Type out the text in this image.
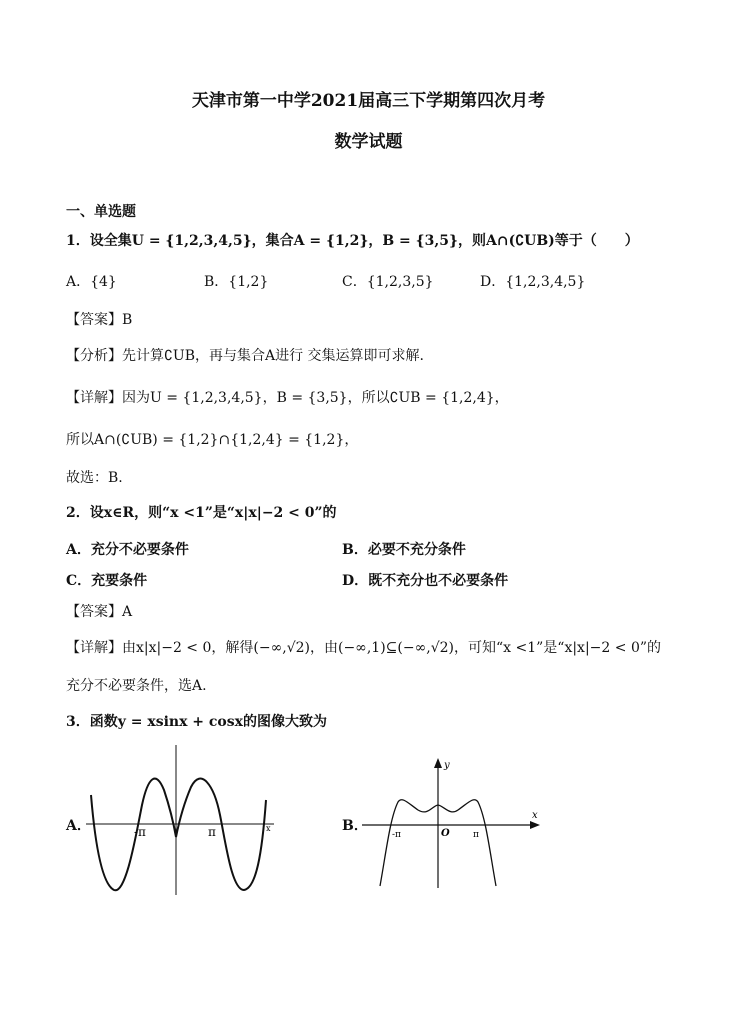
天津市第一中学2021届高三下学期第四次月考
数学试题
一、单选题
1．设全集U = {1,2,3,4,5}，集合A = {1,2}，B = {3,5}，则A∩(∁UB)等于（　　）
A．{4}	B．{1,2}	C．{1,2,3,5}	D．{1,2,3,4,5}
【答案】B
【分析】先计算∁UB，再与集合A进行 交集运算即可求解.
【详解】因为U = {1,2,3,4,5}，B = {3,5}，所以∁UB = {1,2,4}，
所以A∩(∁UB) = {1,2}∩{1,2,4} = {1,2}，
故选：B.
2．设x∈R，则“x <1”是“x|x|−2 < 0”的
A．充分不必要条件	B．必要不充分条件
C．充要条件	D．既不充分也不必要条件
【答案】A
【详解】由x|x|−2 < 0，解得(−∞,√2)，由(−∞,1)⊆(−∞,√2)，可知“x <1”是“x|x|−2 < 0”的
充分不必要条件，选A.
3．函数y = xsinx + cosx的图像大致为
A．	-π	π	x	B．
-π	O	π
x
y
